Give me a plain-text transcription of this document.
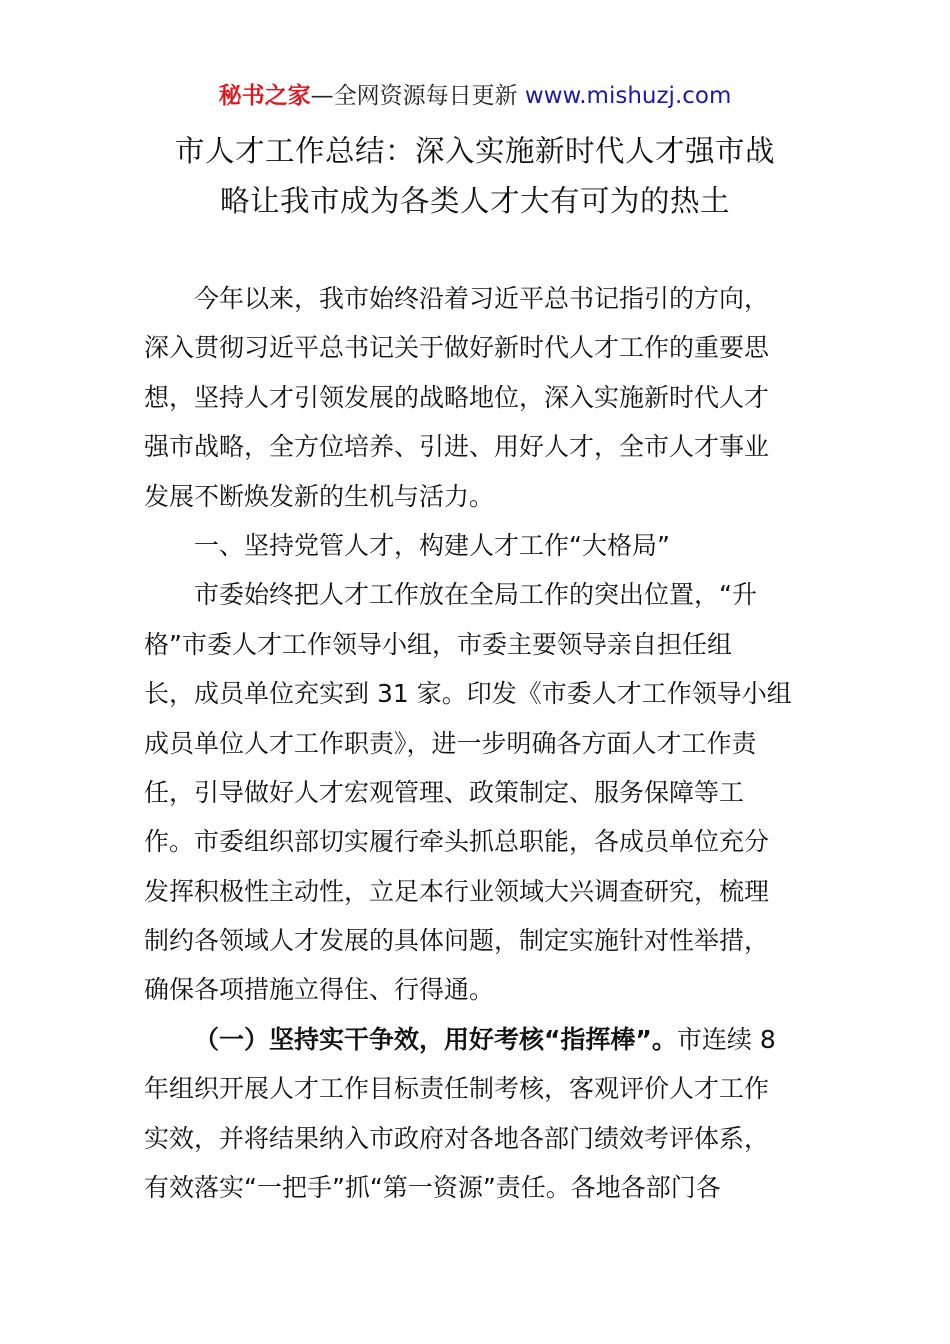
秘书之家—全网资源每日更新 www.mishuzj.com
市人才工作总结：深入实施新时代人才强市战
略让我市成为各类人才大有可为的热土
今年以来，我市始终沿着习近平总书记指引的方向，
深入贯彻习近平总书记关于做好新时代人才工作的重要思
想，坚持人才引领发展的战略地位，深入实施新时代人才
强市战略，全方位培养、引进、用好人才，全市人才事业
发展不断焕发新的生机与活力。
一、坚持党管人才，构建人才工作“大格局”
市委始终把人才工作放在全局工作的突出位置，“升
格”市委人才工作领导小组，市委主要领导亲自担任组
长，成员单位充实到 31 家。印发《市委人才工作领导小组
成员单位人才工作职责》，进一步明确各方面人才工作责
任，引导做好人才宏观管理、政策制定、服务保障等工
作。市委组织部切实履行牵头抓总职能，各成员单位充分
发挥积极性主动性，立足本行业领域大兴调查研究，梳理
制约各领域人才发展的具体问题，制定实施针对性举措，
确保各项措施立得住、行得通。
（一）坚持实干争效，用好考核“指挥棒”。市连续 8
年组织开展人才工作目标责任制考核，客观评价人才工作
实效，并将结果纳入市政府对各地各部门绩效考评体系，
有效落实“一把手”抓“第一资源”责任。各地各部门各
